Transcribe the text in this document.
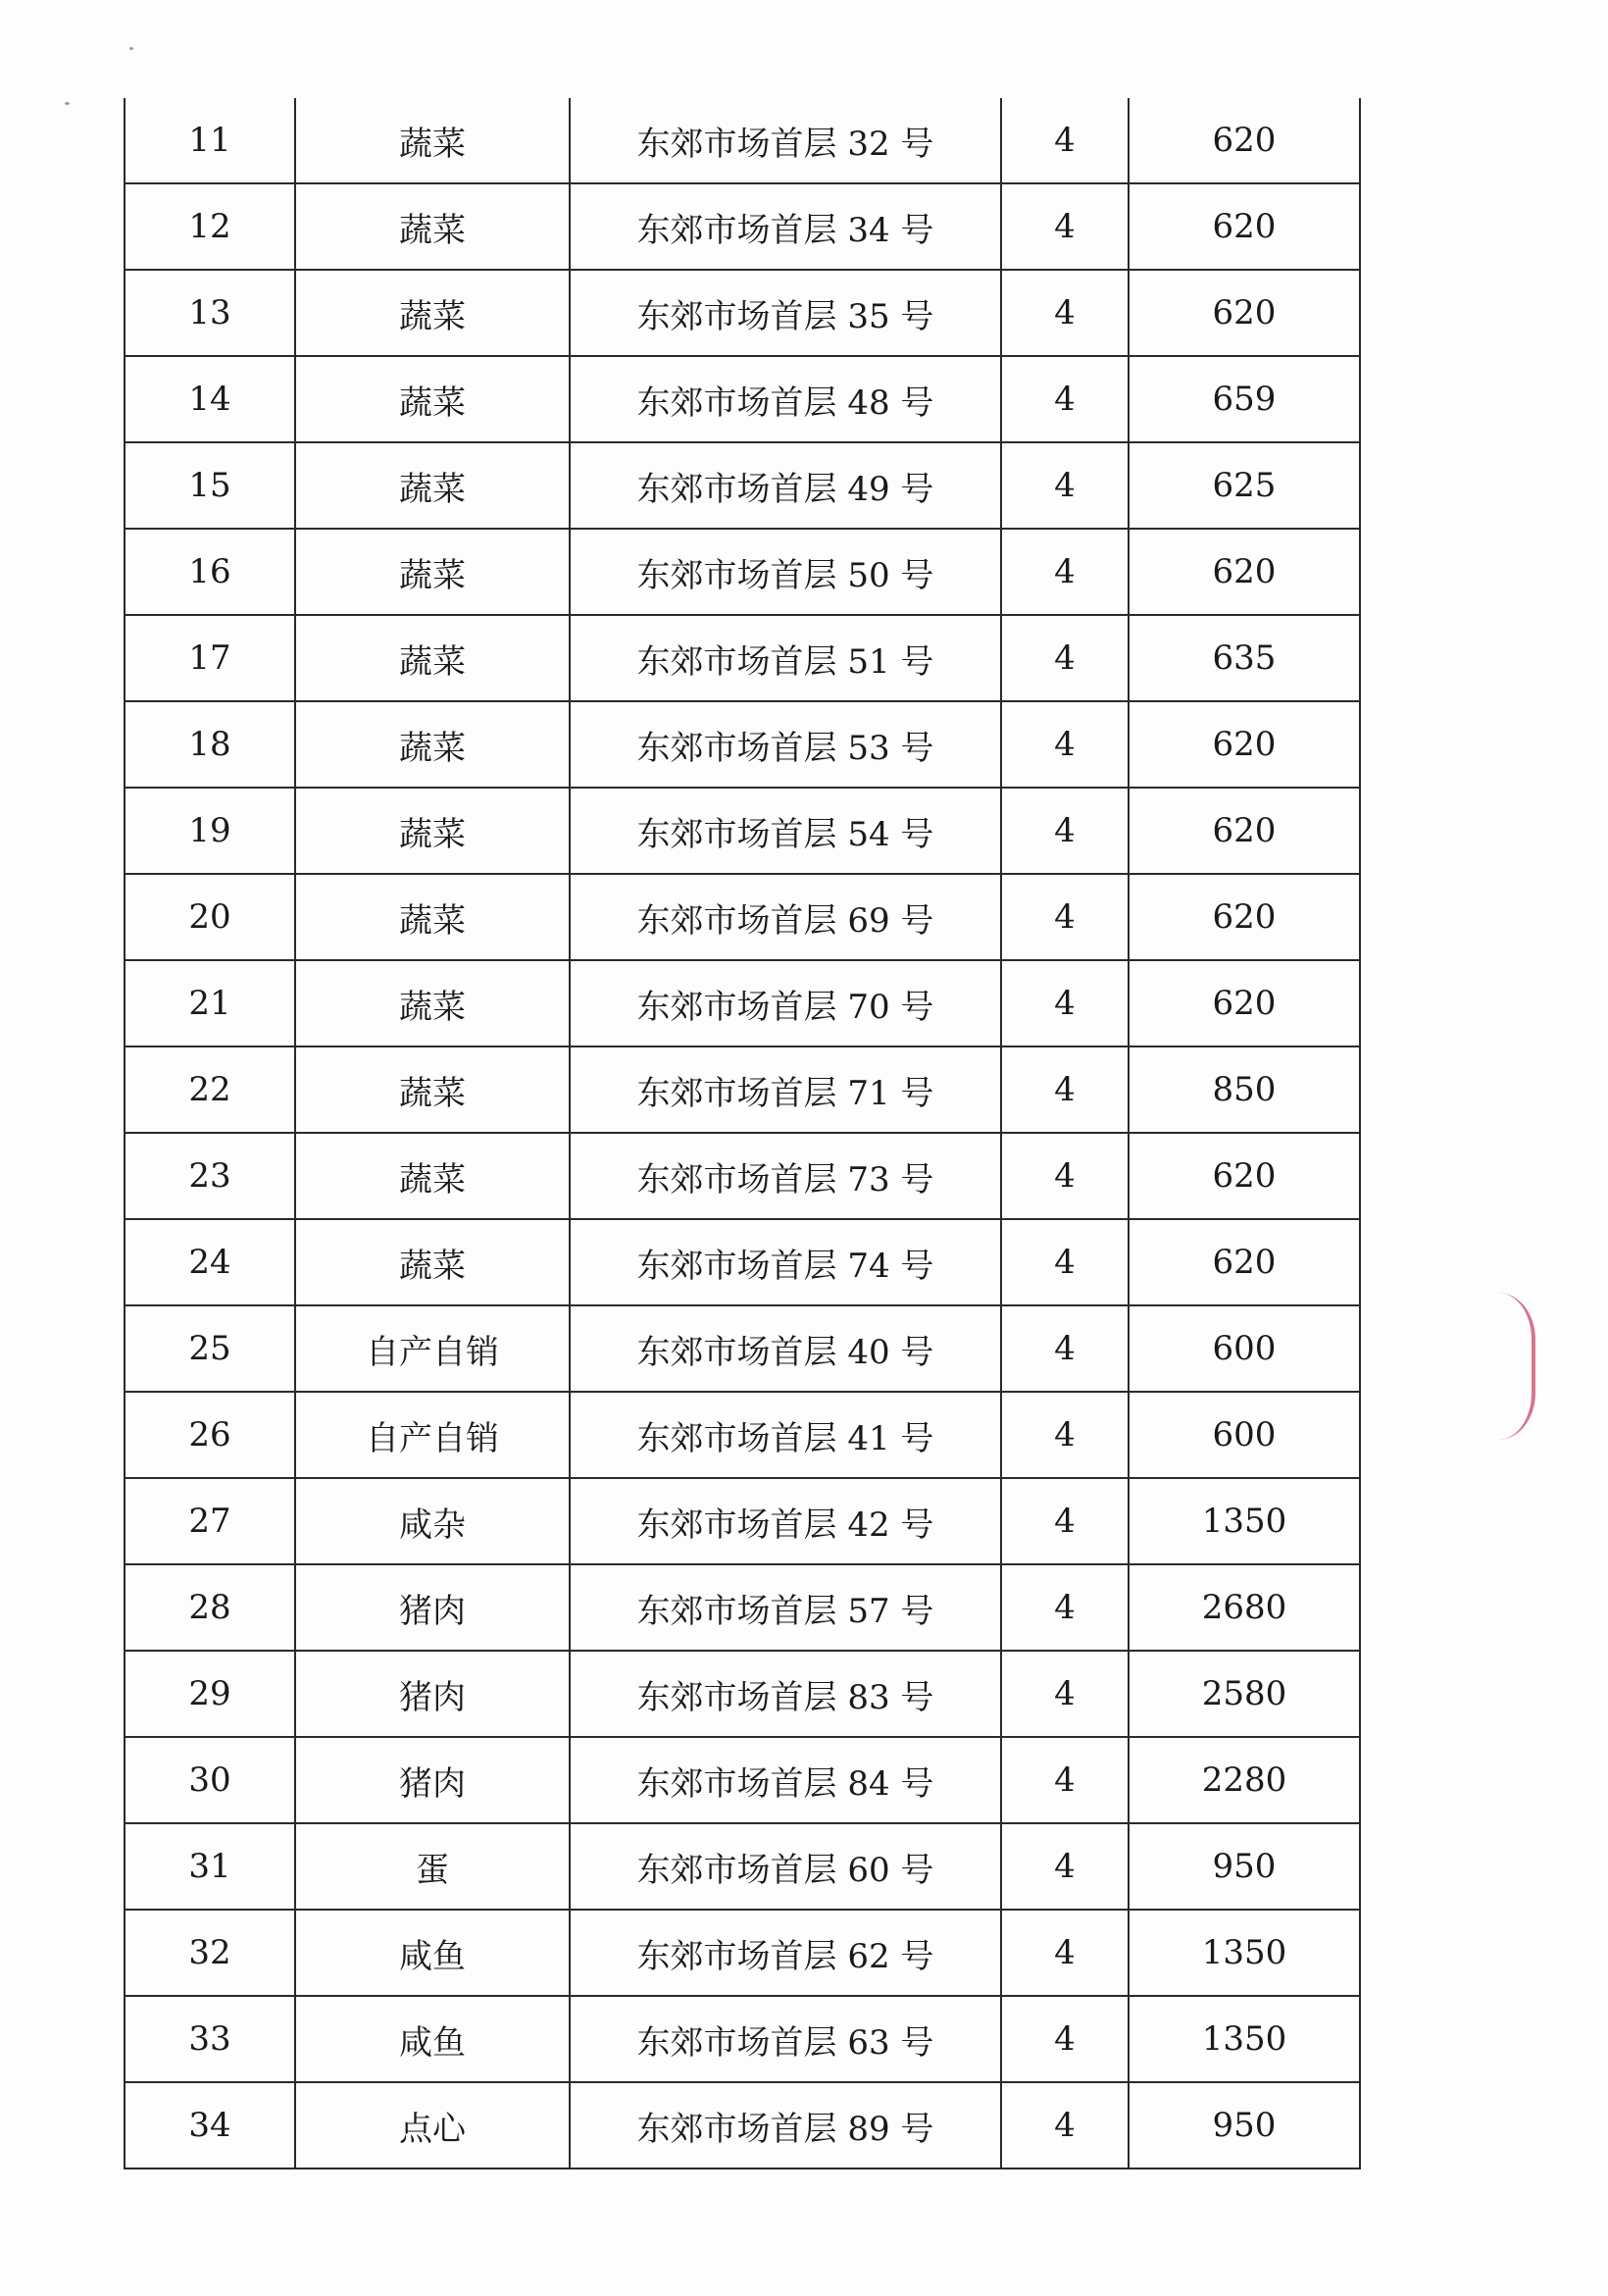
11	蔬菜	东郊市场首层 32 号	4	620
12	蔬菜	东郊市场首层 34 号	4	620
13	蔬菜	东郊市场首层 35 号	4	620
14	蔬菜	东郊市场首层 48 号	4	659
15	蔬菜	东郊市场首层 49 号	4	625
16	蔬菜	东郊市场首层 50 号	4	620
17	蔬菜	东郊市场首层 51 号	4	635
18	蔬菜	东郊市场首层 53 号	4	620
19	蔬菜	东郊市场首层 54 号	4	620
20	蔬菜	东郊市场首层 69 号	4	620
21	蔬菜	东郊市场首层 70 号	4	620
22	蔬菜	东郊市场首层 71 号	4	850
23	蔬菜	东郊市场首层 73 号	4	620
24	蔬菜	东郊市场首层 74 号	4	620
25	自产自销	东郊市场首层 40 号	4	600
26	自产自销	东郊市场首层 41 号	4	600
27	咸杂	东郊市场首层 42 号	4	1350
28	猪肉	东郊市场首层 57 号	4	2680
29	猪肉	东郊市场首层 83 号	4	2580
30	猪肉	东郊市场首层 84 号	4	2280
31	蛋	东郊市场首层 60 号	4	950
32	咸鱼	东郊市场首层 62 号	4	1350
33	咸鱼	东郊市场首层 63 号	4	1350
34	点心	东郊市场首层 89 号	4	950
